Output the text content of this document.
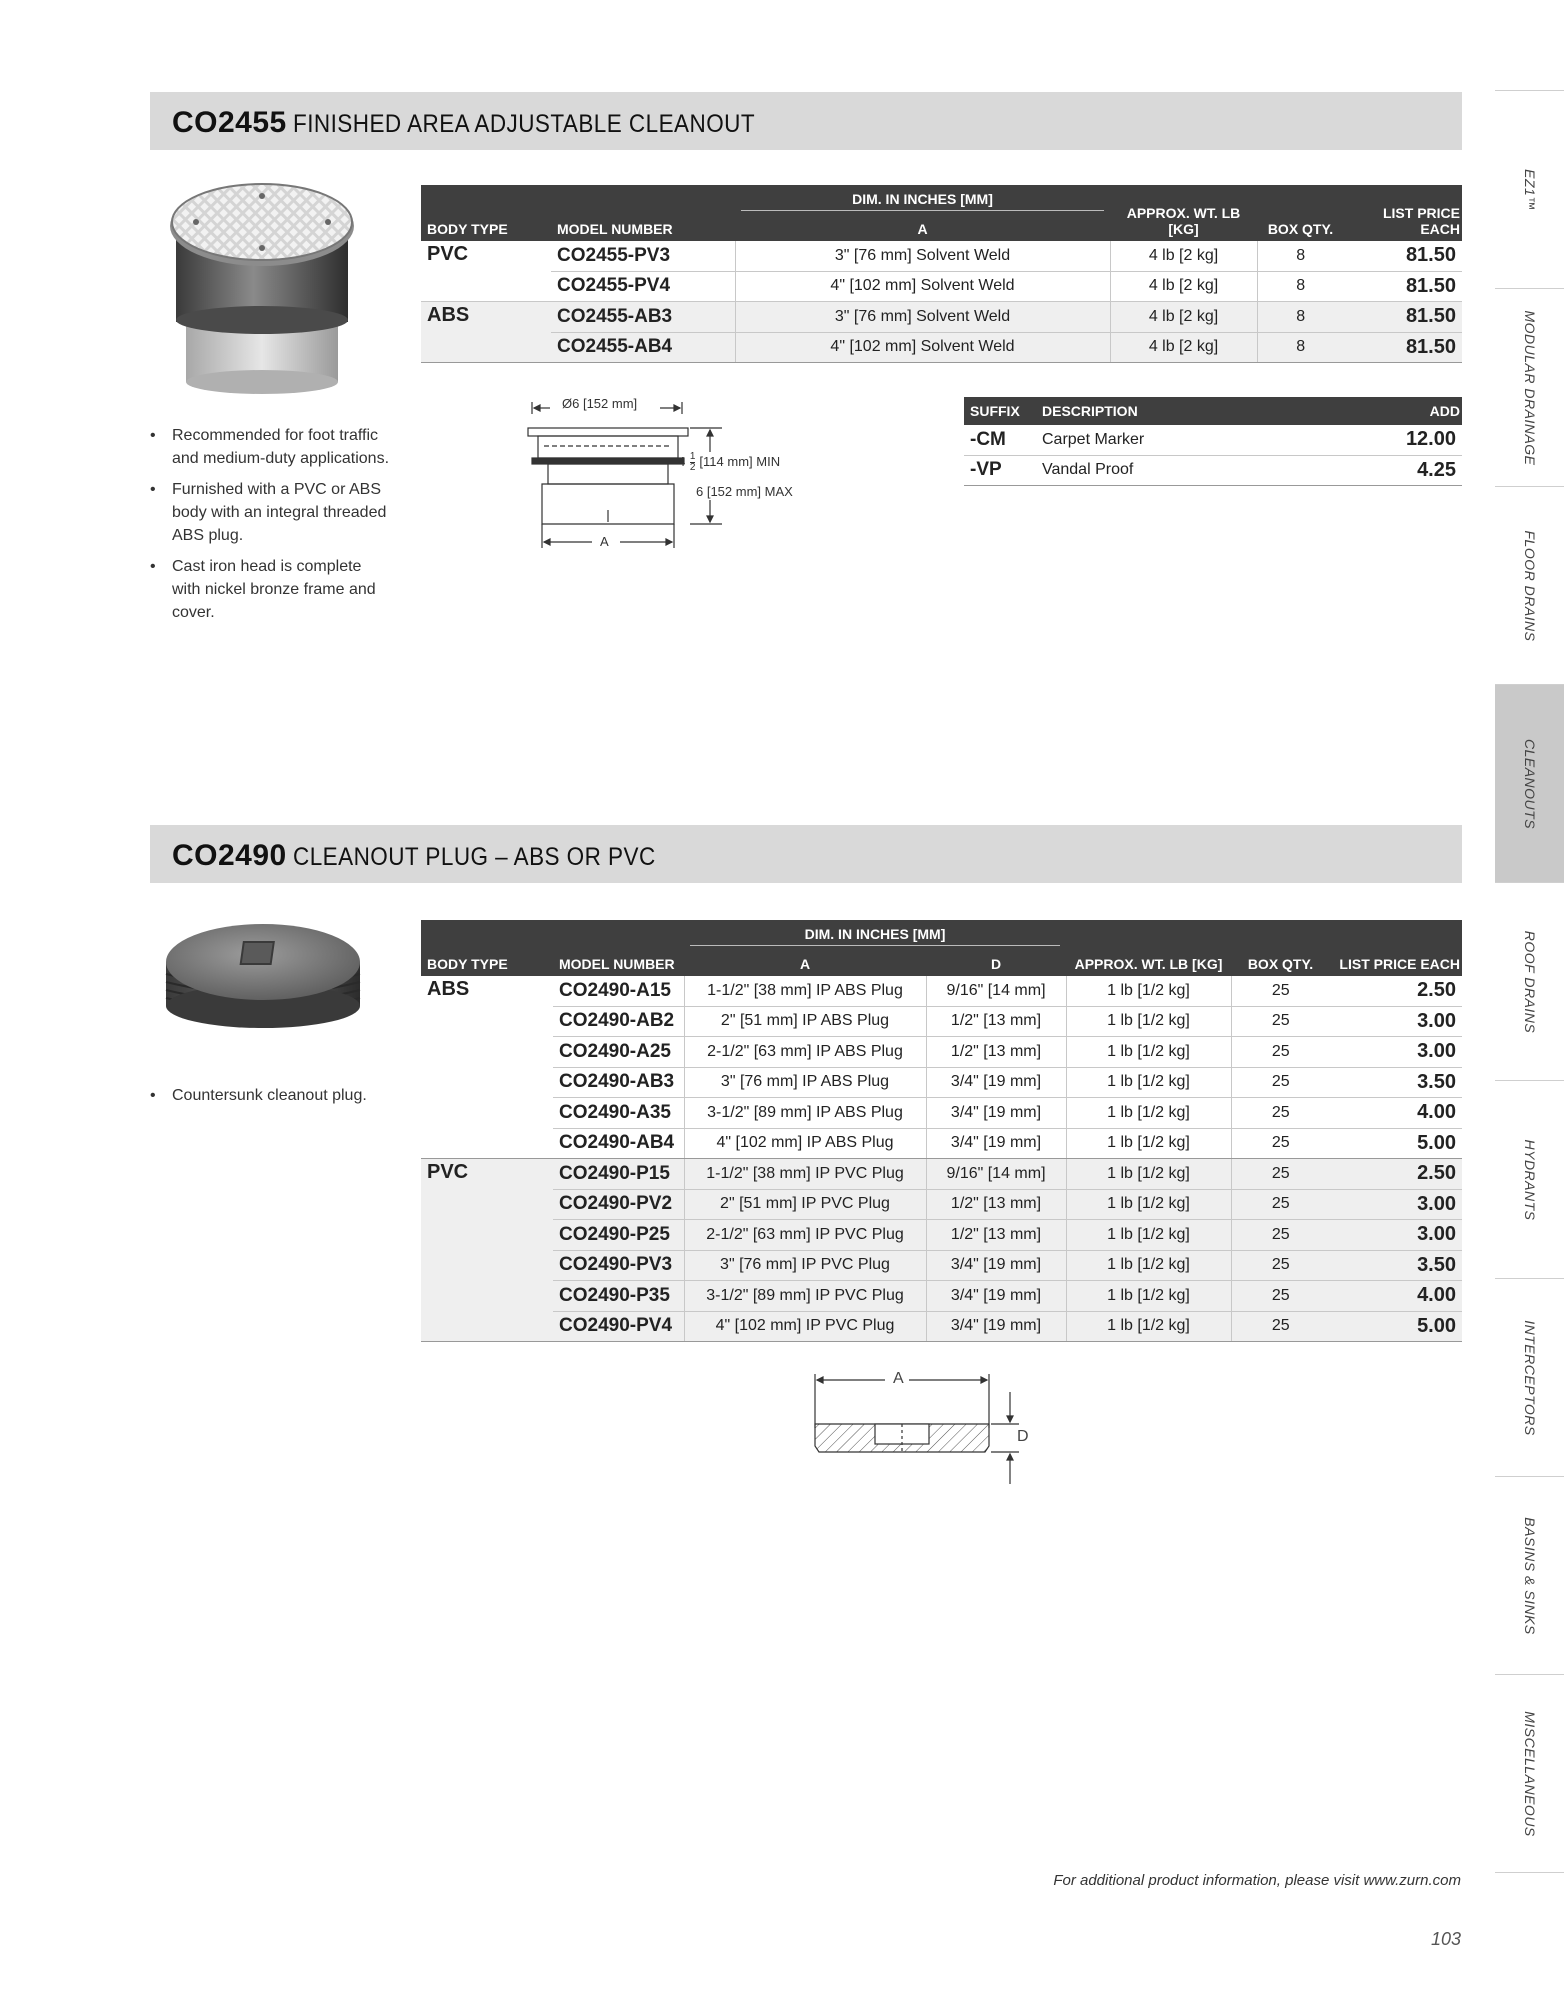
CO2455 FINISHED AREA ADJUSTABLE CLEANOUT

		DIM. IN INCHES [MM]	APPROX. WT. LB [KG]	BOX QTY.	LIST PRICE EACH
BODY TYPE	MODEL NUMBER	A			
PVC	CO2455-PV3	3" [76 mm] Solvent Weld	4 lb [2 kg]	8	81.50
	CO2455-PV4	4" [102 mm] Solvent Weld	4 lb [2 kg]	8	81.50
ABS	CO2455-AB3	3" [76 mm] Solvent Weld	4 lb [2 kg]	8	81.50
	CO2455-AB4	4" [102 mm] Solvent Weld	4 lb [2 kg]	8	81.50
• Recommended for foot traffic and medium-duty applications.
• Furnished with a PVC or ABS body with an integral threaded ABS plug.
• Cast iron head is complete with nickel bronze frame and cover.
Ø6 [152 mm]
$4 \frac{1}{2} [114$ mm] MIN
6 [152 mm] MAX
A
SUFFIX	DESCRIPTION	ADD
-CM	Carpet Marker	12.00
-VP	Vandal Proof	4.25
CO2490 CLEANOUT PLUG – ABS OR PVC

		DIM. IN INCHES [MM]		APPROX. WT. LB [KG]	BOX QTY.	LIST PRICE EACH
BODY TYPE	MODEL NUMBER	A	D			
ABS	CO2490-A15	1-1/2" [38 mm] IP ABS Plug	9/16" [14 mm]	1 lb [1/2 kg]	25	2.50
	CO2490-AB2	2" [51 mm] IP ABS Plug	1/2" [13 mm]	1 lb [1/2 kg]	25	3.00
	CO2490-A25	2-1/2" [63 mm] IP ABS Plug	1/2" [13 mm]	1 lb [1/2 kg]	25	3.00
	CO2490-AB3	3" [76 mm] IP ABS Plug	3/4" [19 mm]	1 lb [1/2 kg]	25	3.50
	CO2490-A35	3-1/2" [89 mm] IP ABS Plug	3/4" [19 mm]	1 lb [1/2 kg]	25	4.00
	CO2490-AB4	4" [102 mm] IP ABS Plug	3/4" [19 mm]	1 lb [1/2 kg]	25	5.00
PVC	CO2490-P15	1-1/2" [38 mm] IP PVC Plug	9/16" [14 mm]	1 lb [1/2 kg]	25	2.50
	CO2490-PV2	2" [51 mm] IP PVC Plug	1/2" [13 mm]	1 lb [1/2 kg]	25	3.00
	CO2490-P25	2-1/2" [63 mm] IP PVC Plug	1/2" [13 mm]	1 lb [1/2 kg]	25	3.00
	CO2490-PV3	3" [76 mm] IP PVC Plug	3/4" [19 mm]	1 lb [1/2 kg]	25	3.50
	CO2490-P35	3-1/2" [89 mm] IP PVC Plug	3/4" [19 mm]	1 lb [1/2 kg]	25	4.00
	CO2490-PV4	4" [102 mm] IP PVC Plug	3/4" [19 mm]	1 lb [1/2 kg]	25	5.00
• Countersunk cleanout plug.
A
D
EZ1™
MODULAR DRAINAGE
FLOOR DRAINS
CLEANOUTS
ROOF DRAINS
HYDRANTS
INTERCEPTORS
BASINS & SINKS
MISCELLANEOUS
For additional product information, please visit www.zurn.com
103
